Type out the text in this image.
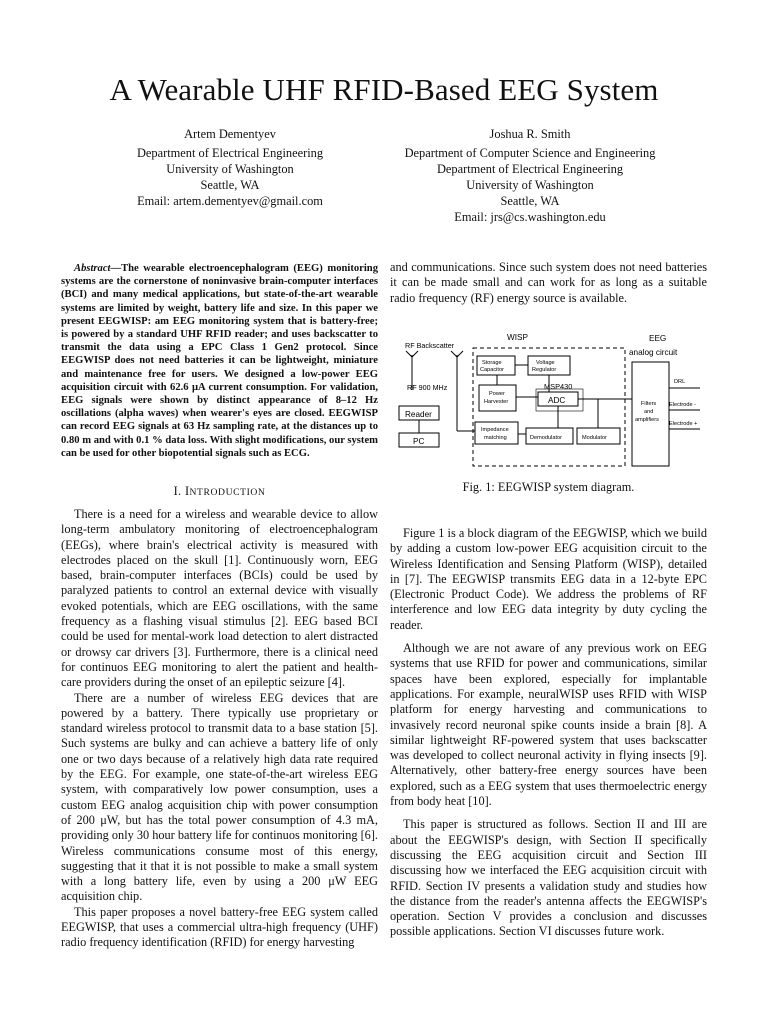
A Wearable UHF RFID-Based EEG System
Artem Dementyev
Department of Electrical Engineering
University of Washington
Seattle, WA
Email: artem.dementyev@gmail.com
Joshua R. Smith
Department of Computer Science and Engineering
Department of Electrical Engineering
University of Washington
Seattle, WA
Email: jrs@cs.washington.edu
Abstract—The wearable electroencephalogram (EEG) monitoring systems are the cornerstone of noninvasive brain-computer interfaces (BCI) and many medical applications, but state-of-the-art wearable systems are limited by weight, battery life and size. In this paper we present EEGWISP: am EEG monitoring system that is battery-free; is powered by a standard UHF RFID reader; and uses backscatter to transmit the data using a EPC Class 1 Gen2 protocol. Since EEGWISP does not need batteries it can be lightweight, miniature and maintenance free for users. We designed a low-power EEG acquisition circuit with 62.6 μA current consumption. For validation, EEG signals were shown by distinct appearance of 8–12 Hz oscillations (alpha waves) when wearer's eyes are closed. EEGWISP can record EEG signals at 63 Hz sampling rate, at the distances up to 0.80 m and with 0.1 % data loss. With slight modifications, our system can be used for other biopotential signals such as ECG.
I. INTRODUCTION

There is a need for a wireless and wearable device to allow long-term ambulatory monitoring of electroencephalogram (EEGs), where brain's electrical activity is measured with electrodes placed on the skull [1]. Continuously worn, EEG based, brain-computer interfaces (BCIs) could be used by paralyzed patients to control an external device with visually evoked potentials, which are EEG oscillations, with the same frequency as a flashing visual stimulus [2]. EEG based BCI could be used for mental-work load detection to alert distracted or drowsy car drivers [3]. Furthermore, there is a clinical need for continuos EEG monitoring to alert the patient and health-care providers during the onset of an epileptic seizure [4].

There are a number of wireless EEG devices that are powered by a battery. There typically use proprietary or standard wireless protocol to transmit data to a base station [5]. Such systems are bulky and can achieve a battery life of only one or two days because of a relatively high data rate required by the EEG. For example, one state-of-the-art wireless EEG system, with comparatively low power consumption, uses a custom EEG analog acquisition chip with power consumption of 200 μW, but has the total power consumption of 4.3 mA, providing only 30 hour battery life for continuos monitoring [6]. Wireless communications consume most of this energy, suggesting that it that it is not possible to make a small system with a long battery life, even by using a 200 μW EEG acquisition chip.

This paper proposes a novel battery-free EEG system called EEGWISP, that uses a commercial ultra-high frequency (UHF) radio frequency identification (RFID) for energy harvesting

and communications. Since such system does not need batteries it can be made small and can work for as long as a suitable radio frequency (RF) energy source is available.

WISP	EEG
analog circuit
RF Backscatter
RF 900 MHz
Reader
PC
MSP430
ADC
Storage
Capacitor
Voltage
Regulator
Power
Harvester
Impedance
matching	Demodulator	Modulator
Filters
and
amplifiers
DRL
Electrode -
Electrode +
Fig. 1: EEGWISP system diagram.

Figure 1 is a block diagram of the EEGWISP, which we build by adding a custom low-power EEG acquisition circuit to the Wireless Identification and Sensing Platform (WISP), detailed in [7]. The EEGWISP transmits EEG data in a 12-byte EPC (Electronic Product Code). We address the problems of RF interference and low EEG data integrity by duty cycling the reader.

Although we are not aware of any previous work on EEG systems that use RFID for power and communications, similar spaces have been explored, especially for implantable applications. For example, neuralWISP uses RFID with WISP platform for energy harvesting and communications to invasively record neuronal spike counts inside a brain [8]. A similar lightweight RF-powered system that uses backscatter was developed to collect neuronal activity in flying insects [9]. Alternatively, other battery-free energy sources have been explored, such as a EEG system that uses thermoelectric energy from body heat [10].

This paper is structured as follows. Section II and III are about the EEGWISP's design, with Section II specifically discussing the EEG acquisition circuit and Section III discussing how we interfaced the EEG acquisition circuit with RFID. Section IV presents a validation study and studies how the distance from the reader's antenna affects the EEGWISP's operation. Section V provides a conclusion and discusses possible applications. Section VI discusses future work.
